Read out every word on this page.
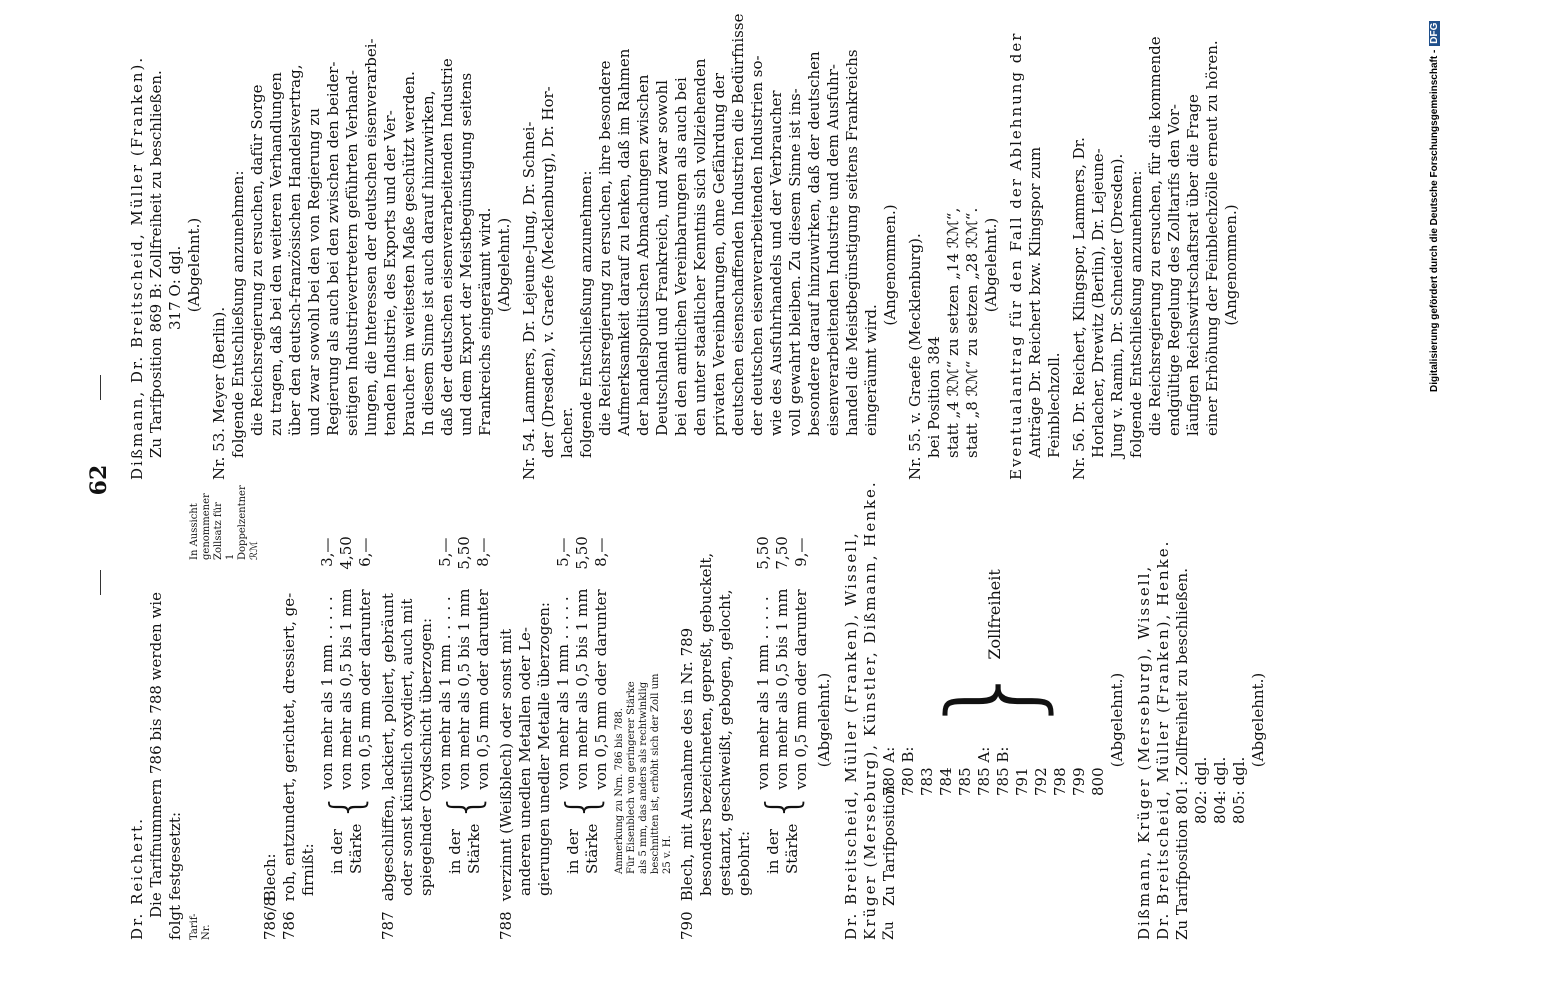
62

Dr. Reichert. Die Tarifnummern 786 bis 788 werden wie folgt festgesetzt: Tarif-Nr.
In Aussicht genommener Zollsatz für 1 Doppelzentner ℛℳ

786/8 Blech:

786 roh, entzundert, gerichtet, dressiert, ge- firnißt: in der Stärke
{
von mehr als 1 mm . . . . . von mehr als 0,5 bis 1 mm von 0,5 mm oder darunter
3,— 4,50 6,—

787 abgeschliffen, lackiert, poliert, gebräunt oder sonst künstlich oxydiert, auch mit spiegelnder Oxydschicht überzogen: in der Stärke
{
von mehr als 1 mm . . . . . von mehr als 0,5 bis 1 mm von 0,5 mm oder darunter
5,— 5,50 8,—

788 verzinnt (Weißblech) oder sonst mit anderen unedlen Metallen oder Le- gierungen unedler Metalle überzogen: in der Stärke
{
von mehr als 1 mm . . . . . von mehr als 0,5 bis 1 mm von 0,5 mm oder darunter
5,— 5,50 8,—
Anmerkung zu Nrn. 786 bis 788. Für Eisenblech von geringerer Stärke als 5 mm, das anders als rechtwinklig beschnitten ist, erhöht sich der Zoll um 25 v. H.

790 Blech, mit Ausnahme des in Nr. 789 besonders bezeichneten, gepreßt, gebuckelt, gestanzt, geschweißt, gebogen, gelocht, gebohrt: in der Stärke
{
von mehr als 1 mm . . . . . von mehr als 0,5 bis 1 mm von 0,5 mm oder darunter
5,50 7,50 9,—

(Abgelehnt.) Dr. Breitscheid, Müller (Franken), Wissell, Krüger (Merseburg), Künstler, Dißmann, Henke. Zu
Zu Tarifposition
780 A: 780 B: 783 784 785 785 A: 785 B: 791 792 798 799 800
}
Zollfreiheit

(Abgelehnt.) Dißmann, Krüger (Merseburg), Wissell, Dr. Breitscheid, Müller (Franken), Henke. Zu Tarifposition 801: Zollfreiheit zu beschließen. 802: dgl. 804: dgl. 805: dgl.

(Abgelehnt.)

Dißmann, Dr. Breitscheid, Müller (Franken). Zu Tarifposition 869 B: Zollfreiheit zu beschließen. 317 O: dgl. (Abgelehnt.)

Nr. 53. Meyer (Berlin). folgende Entschließung anzunehmen: die Reichsregierung zu ersuchen, dafür Sorge zu tragen, daß bei den weiteren Verhandlungen über den deutsch-französischen Handelsvertrag, und zwar sowohl bei den von Regierung zu Regierung als auch bei den zwischen den beider- seitigen Industrievertretern geführten Verhand- lungen, die Interessen der deutschen eisenverarbei- tenden Industrie, des Exports und der Ver- braucher im weitesten Maße geschützt werden. In diesem Sinne ist auch darauf hinzuwirken, daß der deutschen eisenverarbeitenden Industrie und dem Export der Meistbegünstigung seitens Frankreichs eingeräumt wird. (Abgelehnt.) Nr. 54. Lammers, Dr. Lejeune-Jung, Dr. Schnei- der (Dresden), v. Graefe (Mecklenburg), Dr. Hor- lacher. folgende Entschließung anzunehmen: die Reichsregierung zu ersuchen, ihre besondere Aufmerksamkeit darauf zu lenken, daß im Rahmen der handelspolitischen Abmachungen zwischen Deutschland und Frankreich, und zwar sowohl bei den amtlichen Vereinbarungen als auch bei den unter staatlicher Kenntnis sich vollziehenden privaten Vereinbarungen, ohne Gefährdung der deutschen eisenschaffenden Industrien die Bedürfnisse der deutschen eisenverarbeitenden Industrien so- wie des Ausfuhrhandels und der Verbraucher voll gewahrt bleiben. Zu diesem Sinne ist ins- besondere darauf hinzuwirken, daß der deutschen eisenverarbeitenden Industrie und dem Ausfuhr- handel die Meistbegünstigung seitens Frankreichs eingeräumt wird.

(Angenommen.) Nr. 55. v. Graefe (Mecklenburg). bei Position 384 statt „4 ℛℳ“ zu setzen „14 ℛℳ“, statt „8 ℛℳ“ zu setzen „28 ℛℳ“. (Abgelehnt.) Eventualantrag für den Fall der Ablehnung der Anträge Dr. Reichert bzw. Klingspor zum Feinblechzoll. Nr. 56. Dr. Reichert, Klingspor, Lammers, Dr. Horlacher, Drewitz (Berlin), Dr. Lejeune- Jung v. Ramin, Dr. Schneider (Dresden). folgende Entschließung anzunehmen: die Reichsregierung zu ersuchen, für die kommende endgültige Regelung des Zolltarifs den Vor- läufigen Reichswirtschaftsrat über die Frage einer Erhöhung der Feinblechzölle erneut zu hören. (Angenommen.)	Digitalisierung gefördert durch die Deutsche Forschungsgemeinschaft -DFG
